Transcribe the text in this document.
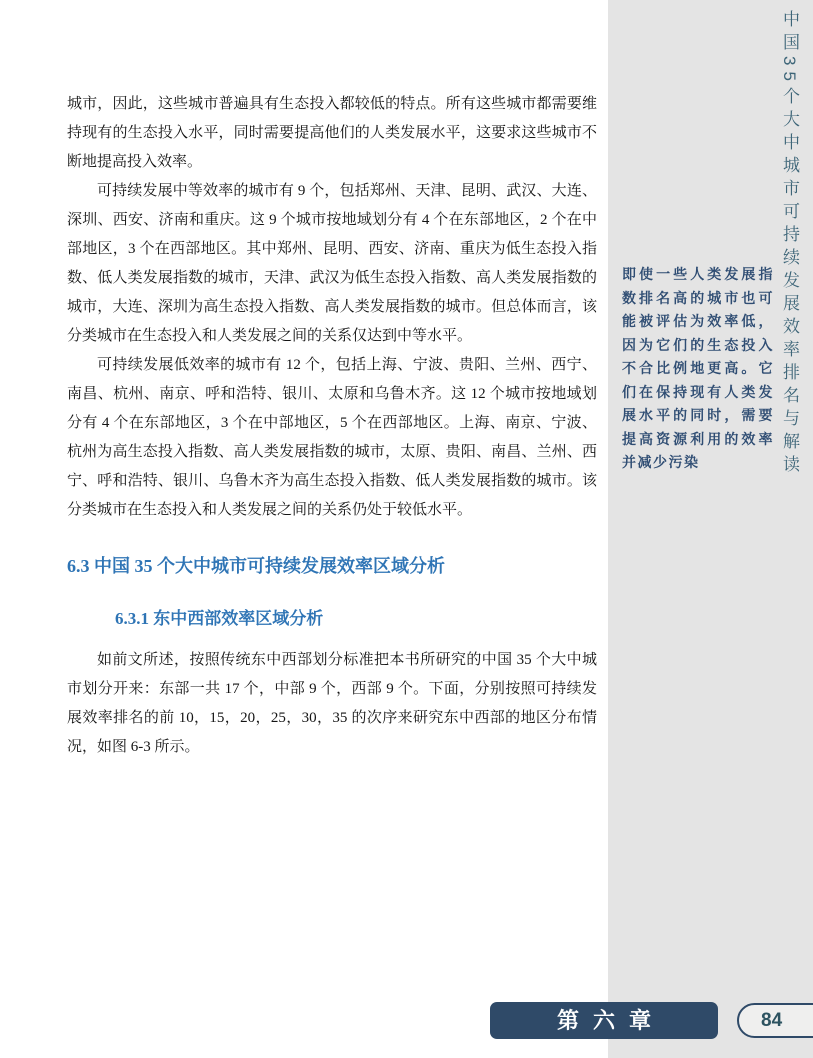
城市，因此，这些城市普遍具有生态投入都较低的特点。所有这些城市都需要维持现有的生态投入水平，同时需要提高他们的人类发展水平，这要求这些城市不断地提高投入效率。

可持续发展中等效率的城市有 9 个，包括郑州、天津、昆明、武汉、大连、深圳、西安、济南和重庆。这 9 个城市按地域划分有 4 个在东部地区，2 个在中部地区，3 个在西部地区。其中郑州、昆明、西安、济南、重庆为低生态投入指数、低人类发展指数的城市，天津、武汉为低生态投入指数、高人类发展指数的城市，大连、深圳为高生态投入指数、高人类发展指数的城市。但总体而言，该分类城市在生态投入和人类发展之间的关系仅达到中等水平。

可持续发展低效率的城市有 12 个，包括上海、宁波、贵阳、兰州、西宁、南昌、杭州、南京、呼和浩特、银川、太原和乌鲁木齐。这 12 个城市按地域划分有 4 个在东部地区，3 个在中部地区，5 个在西部地区。上海、南京、宁波、杭州为高生态投入指数、高人类发展指数的城市，太原、贵阳、南昌、兰州、西宁、呼和浩特、银川、乌鲁木齐为高生态投入指数、低人类发展指数的城市。该分类城市在生态投入和人类发展之间的关系仍处于较低水平。

6.3 中国 35 个大中城市可持续发展效率区域分析
6.3.1 东中西部效率区域分析

如前文所述，按照传统东中西部划分标准把本书所研究的中国 35 个大中城市划分开来：东部一共 17 个，中部 9 个，西部 9 个。下面，分别按照可持续发展效率排名的前 10，15，20，25，30，35 的次序来研究东中西部的地区分布情况，如图 6-3 所示。

即使一些人类发展指数排名高的城市也可能被评估为效率低，因为它们的生态投入不合比例地更高。它们在保持现有人类发展水平的同时，需要提高资源利用的效率并减少污染	中国35个大中城市可持续发展效率排名与解读
第六章	84
